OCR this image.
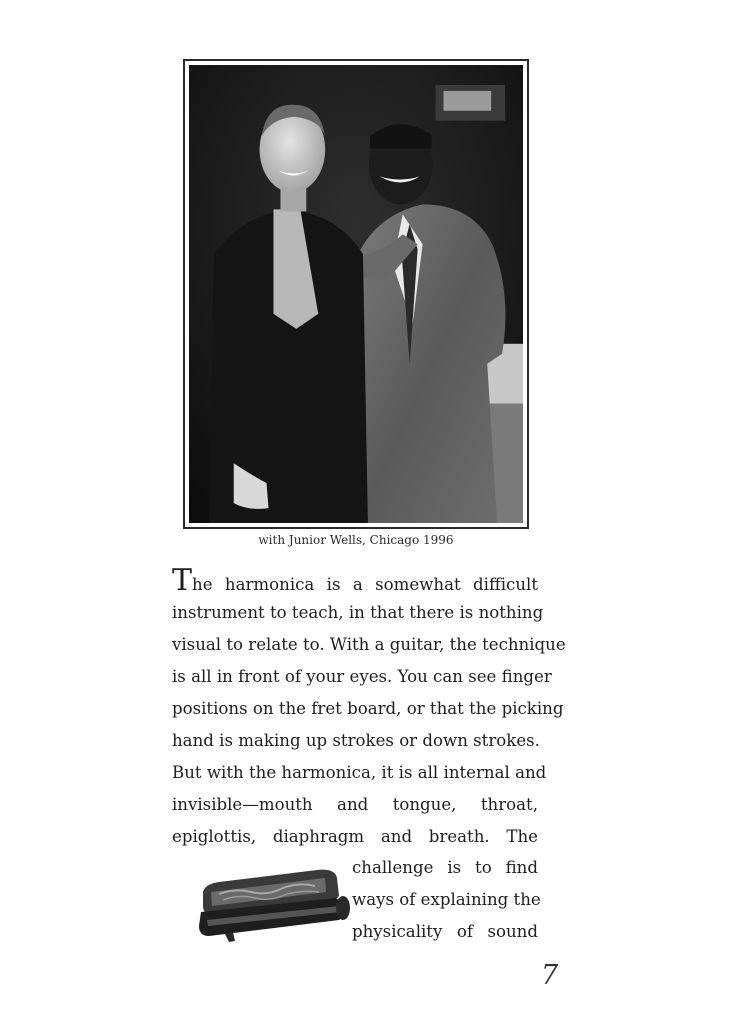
with Junior Wells, Chicago 1996
The harmonica is a somewhat difficult
instrument to teach, in that there is nothing
visual to relate to. With a guitar, the technique
is all in front of your eyes. You can see finger
positions on the fret board, or that the picking
hand is making up strokes or down strokes.
But with the harmonica, it is all internal and
invisible—mouth and tongue, throat,
epiglottis, diaphragm and breath. The
challenge is to find
ways of explaining the
physicality of sound
7
